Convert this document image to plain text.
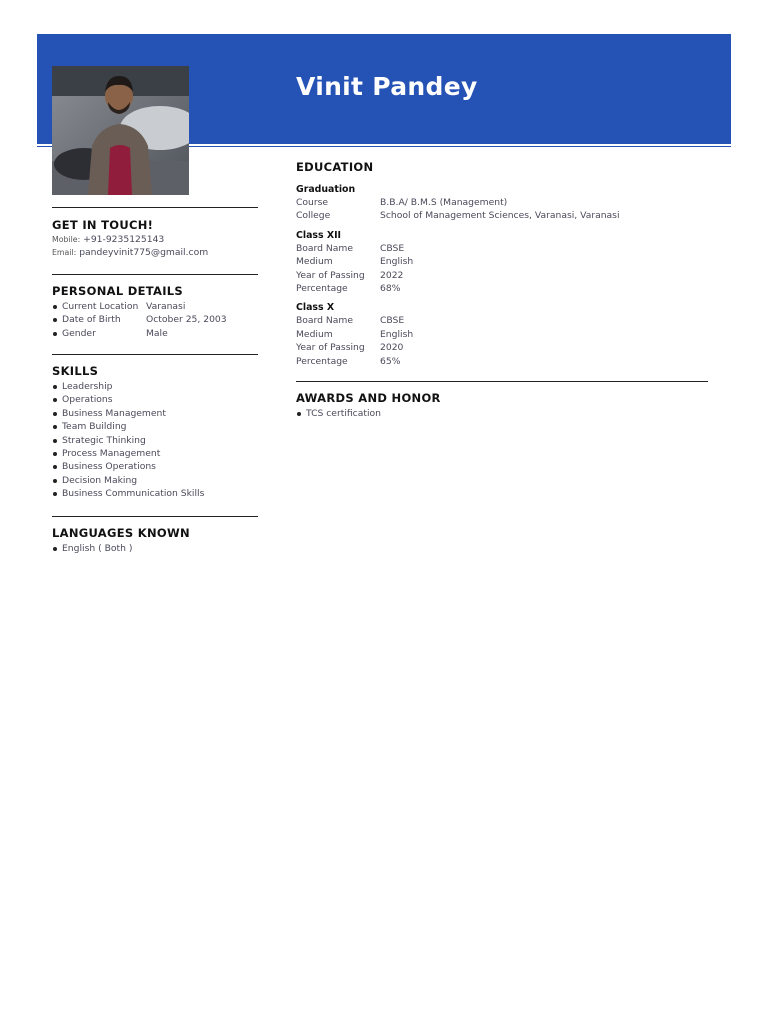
Vinit Pandey
GET IN TOUCH!
Mobile: +91-9235125143
Email: pandeyvinit775@gmail.com
PERSONAL DETAILS
Current Location Varanasi
Date of Birth	October 25, 2003
Gender	Male
SKILLS
Leadership
Operations
Business Management
Team Building
Strategic Thinking
Process Management
Business Operations
Decision Making
Business Communication Skills
LANGUAGES KNOWN
English ( Both )
EDUCATION
Graduation
Course	B.B.A/ B.M.S (Management)
College	School of Management Sciences, Varanasi, Varanasi
Class XII
Board Name	CBSE
Medium	English
Year of Passing	2022
Percentage	68%
Class X
Board Name	CBSE
Medium	English
Year of Passing	2020
Percentage	65%
AWARDS AND HONOR
TCS certification
